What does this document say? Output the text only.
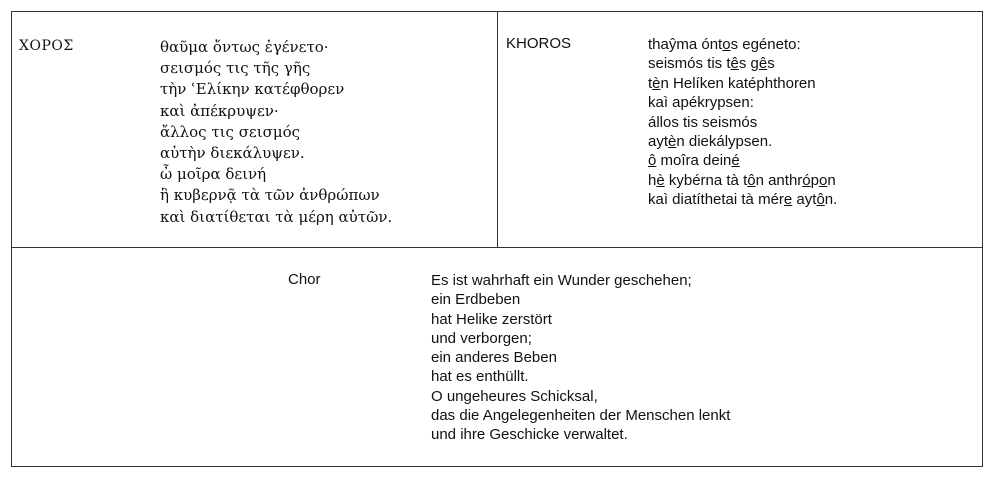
ΧΟΡΟΣ	θαῦμα ὄντως ἐγένετο·
σεισμός τις τῆς γῆς
τὴν ʿΕλίκην κατέφθορεν
καὶ ἀπέκρυψεν·
ἄλλος τις σεισμός
αὐτὴν διεκάλυψεν.
ὦ μοῖρα δεινή
ἣ κυβερνᾷ τὰ τῶν ἀνθρώπων
καὶ διατίθεται τὰ μέρη αὐτῶν.
KHOROS	thaŷma óntos egéneto:
seismós tis tês gês
tèn Helíken katéphthoren
kaì apékrypsen:
állos tis seismós
aytèn diekálypsen.
ô moîra deiné
hè kybérna tà tôn anthrópon
kaì diatíthetai tà mére aytôn.
Chor	Es ist wahrhaft ein Wunder geschehen;
ein Erdbeben
hat Helike zerstört
und verborgen;
ein anderes Beben
hat es enthüllt.
O ungeheures Schicksal,
das die Angelegenheiten der Menschen lenkt
und ihre Geschicke verwaltet.
